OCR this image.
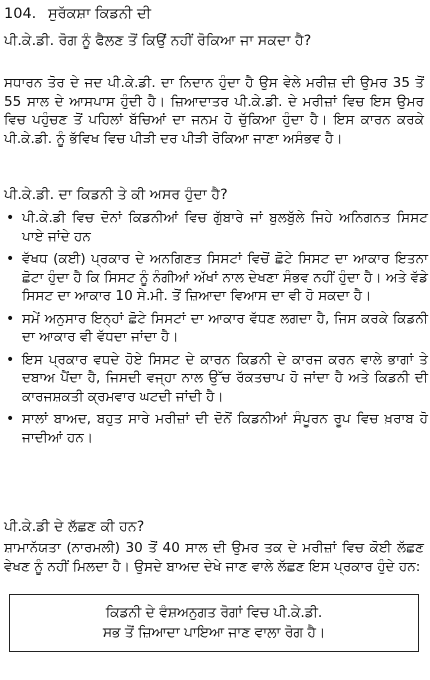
104. ਸੁਰੱਕਸ਼ਾ ਕਿਡਨੀ ਦੀ

ਪੀ.ਕੇ.ਡੀ. ਰੋਗ ਨੂੰ ਫੈਲਣ ਤੋਂ ਕਿਉਂ ਨਹੀਂ ਰੋਕਿਆ ਜਾ ਸਕਦਾ ਹੈ?

ਸਧਾਰਨ ਤੋਰ ਦੇ ਜਦ ਪੀ.ਕੇ.ਡੀ. ਦਾ ਨਿਦਾਨ ਹੁੰਦਾ ਹੈ ਉਸ ਵੇਲੇ ਮਰੀਜ਼ ਦੀ ਉਮਰ 35 ਤੋਂ 55 ਸਾਲ ਦੇ ਆਸਪਾਸ ਹੁੰਦੀ ਹੈ। ਜ਼ਿਆਦਾਤਰ ਪੀ.ਕੇ.ਡੀ. ਦੇ ਮਰੀਜ਼ਾਂ ਵਿਚ ਇਸ ਉਮਰ ਵਿਚ ਪਹੁੰਚਣ ਤੋਂ ਪਹਿਲਾਂ ਬੱਚਿਆਂ ਦਾ ਜਨਮ ਹੋ ਚੁੱਕਿਆ ਹੁੰਦਾ ਹੈ। ਇਸ ਕਾਰਨ ਕਰਕੇ ਪੀ.ਕੇ.ਡੀ. ਨੂੰ ਭੱਵਿਖ ਵਿਚ ਪੀੜੀ ਦਰ ਪੀੜੀ ਰੋਕਿਆ ਜਾਣਾ ਅਸੰਭਵ ਹੈ।

ਪੀ.ਕੇ.ਡੀ. ਦਾ ਕਿਡਨੀ ਤੇ ਕੀ ਅਸਰ ਹੁੰਦਾ ਹੈ?

• ਪੀ.ਕੇ.ਡੀ ਵਿਚ ਦੋਨਾਂ ਕਿਡਨੀਆਂ ਵਿਚ ਗੁੱਬਾਰੇ ਜਾਂ ਬੁਲਬੁੱਲੇ ਜਿਹੇ ਅਨਿਗਨਤ ਸਿਸਟ ਪਾਏ ਜਾਂਦੇ ਹਨ
• ਵੱਖਧ (ਕਈ) ਪ੍ਰਕਾਰ ਦੇ ਅਨਗਿਣਤ ਸਿਸਟਾਂ ਵਿਚੋਂ ਛੋਟੇ ਸਿਸਟ ਦਾ ਆਕਾਰ ਇਤਨਾ ਛੋਟਾ ਹੁੰਦਾ ਹੈ ਕਿ ਸਿਸਟ ਨੂੰ ਨੰਗੀਆਂ ਅੱਖਾਂ ਨਾਲ ਦੇਖਣਾ ਸੰਭਵ ਨਹੀਂ ਹੁੰਦਾ ਹੈ। ਅਤੇ ਵੱਡੇ ਸਿਸਟ ਦਾ ਆਕਾਰ 10 ਸੇ.ਮੀ. ਤੋਂ ਜ਼ਿਆਦਾ ਵਿਆਸ ਦਾ ਵੀ ਹੋ ਸਕਦਾ ਹੈ।
• ਸਮੇਂ ਅਨੁਸਾਰ ਇਨ੍ਹਾਂ ਛੋਟੇ ਸਿਸਟਾਂ ਦਾ ਆਕਾਰ ਵੱਧਣ ਲਗਦਾ ਹੈ, ਜਿਸ ਕਰਕੇ ਕਿਡਨੀ ਦਾ ਆਕਾਰ ਵੀ ਵੱਧਦਾ ਜਾਂਦਾ ਹੈ।
• ਇਸ ਪ੍ਰਕਾਰ ਵਧਦੇ ਹੋਏ ਸਿਸਟ ਦੇ ਕਾਰਨ ਕਿਡਨੀ ਦੇ ਕਾਰਜ ਕਰਨ ਵਾਲੇ ਭਾਗਾਂ ਤੇ ਦਬਾਅ ਪੈਂਦਾ ਹੈ, ਜਿਸਦੀ ਵਜ੍ਹਾ ਨਾਲ ਉੱਚ ਰੱਕਤਚਾਪ ਹੋ ਜਾਂਦਾ ਹੈ ਅਤੇ ਕਿਡਨੀ ਦੀ ਕਾਰਜਸ਼ਕਤੀ ਕ੍ਰਮਵਾਰ ਘਟਦੀ ਜਾਂਦੀ ਹੈ।
• ਸਾਲਾਂ ਬਾਅਦ, ਬਹੁਤ ਸਾਰੇ ਮਰੀਜ਼ਾਂ ਦੀ ਦੋਨੋਂ ਕਿਡਨੀਆਂ ਸੰਪੂਰਨ ਰੂਪ ਵਿਚ ਖ਼ਰਾਬ ਹੋ ਜਾਦੀਆਂ ਹਨ।

ਪੀ.ਕੇ.ਡੀ ਦੇ ਲੱਛਣ ਕੀ ਹਨ?

ਸ਼ਾਮਾਨੱਯਤਾ (ਨਾਰਮਲੀ) 30 ਤੋਂ 40 ਸਾਲ ਦੀ ਉਮਰ ਤਕ ਦੇ ਮਰੀਜ਼ਾਂ ਵਿਚ ਕੋਈ ਲੱਛਣ ਵੇਖਣ ਨੂੰ ਨਹੀਂ ਮਿਲਦਾ ਹੈ। ਉਸਦੇ ਬਾਅਦ ਦੇਖੇ ਜਾਣ ਵਾਲੇ ਲੱਛਣ ਇਸ ਪ੍ਰਕਾਰ ਹੁੰਦੇ ਹਨ:

ਕਿਡਨੀ ਦੇ ਵੰਸ਼ਅਨੁਗਤ ਰੋਗਾਂ ਵਿਚ ਪੀ.ਕੇ.ਡੀ.
ਸਭ ਤੋਂ ਜ਼ਿਆਦਾ ਪਾਇਆ ਜਾਣ ਵਾਲਾ ਰੋਗ ਹੈ।
